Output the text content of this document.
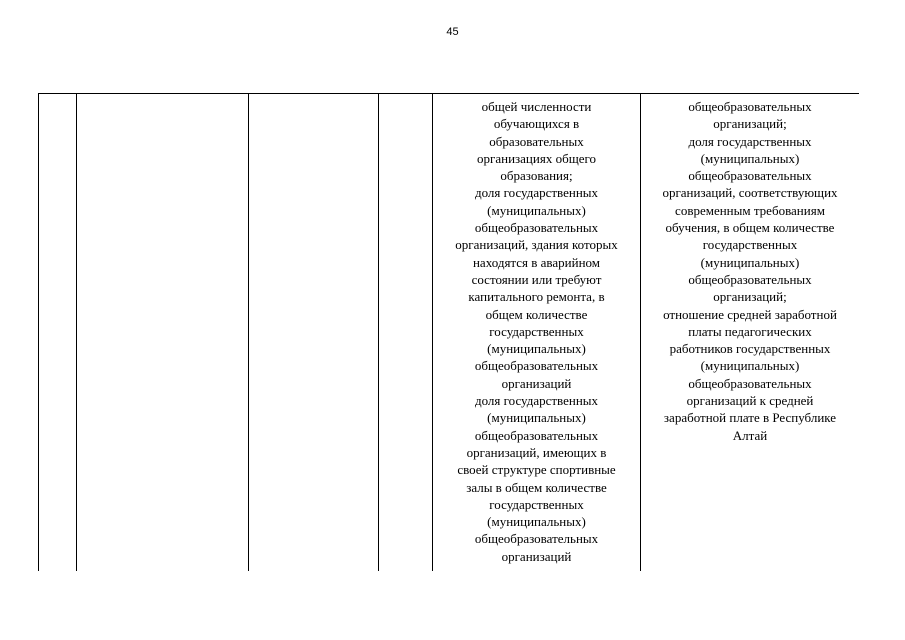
45

общей численности
обучающихся в
образовательных
организациях общего
образования;
доля государственных
(муниципальных)
общеобразовательных
организаций, здания которых
находятся в аварийном
состоянии или требуют
капитального ремонта, в
общем количестве
государственных
(муниципальных)
общеобразовательных
организаций
доля государственных
(муниципальных)
общеобразовательных
организаций, имеющих в
своей структуре спортивные
залы в общем количестве
государственных
(муниципальных)
общеобразовательных
организаций

общеобразовательных
организаций;
доля государственных
(муниципальных)
общеобразовательных
организаций, соответствующих
современным требованиям
обучения, в общем количестве
государственных
(муниципальных)
общеобразовательных
организаций;
отношение средней заработной
платы педагогических
работников государственных
(муниципальных)
общеобразовательных
организаций к средней
заработной плате в Республике
Алтай
